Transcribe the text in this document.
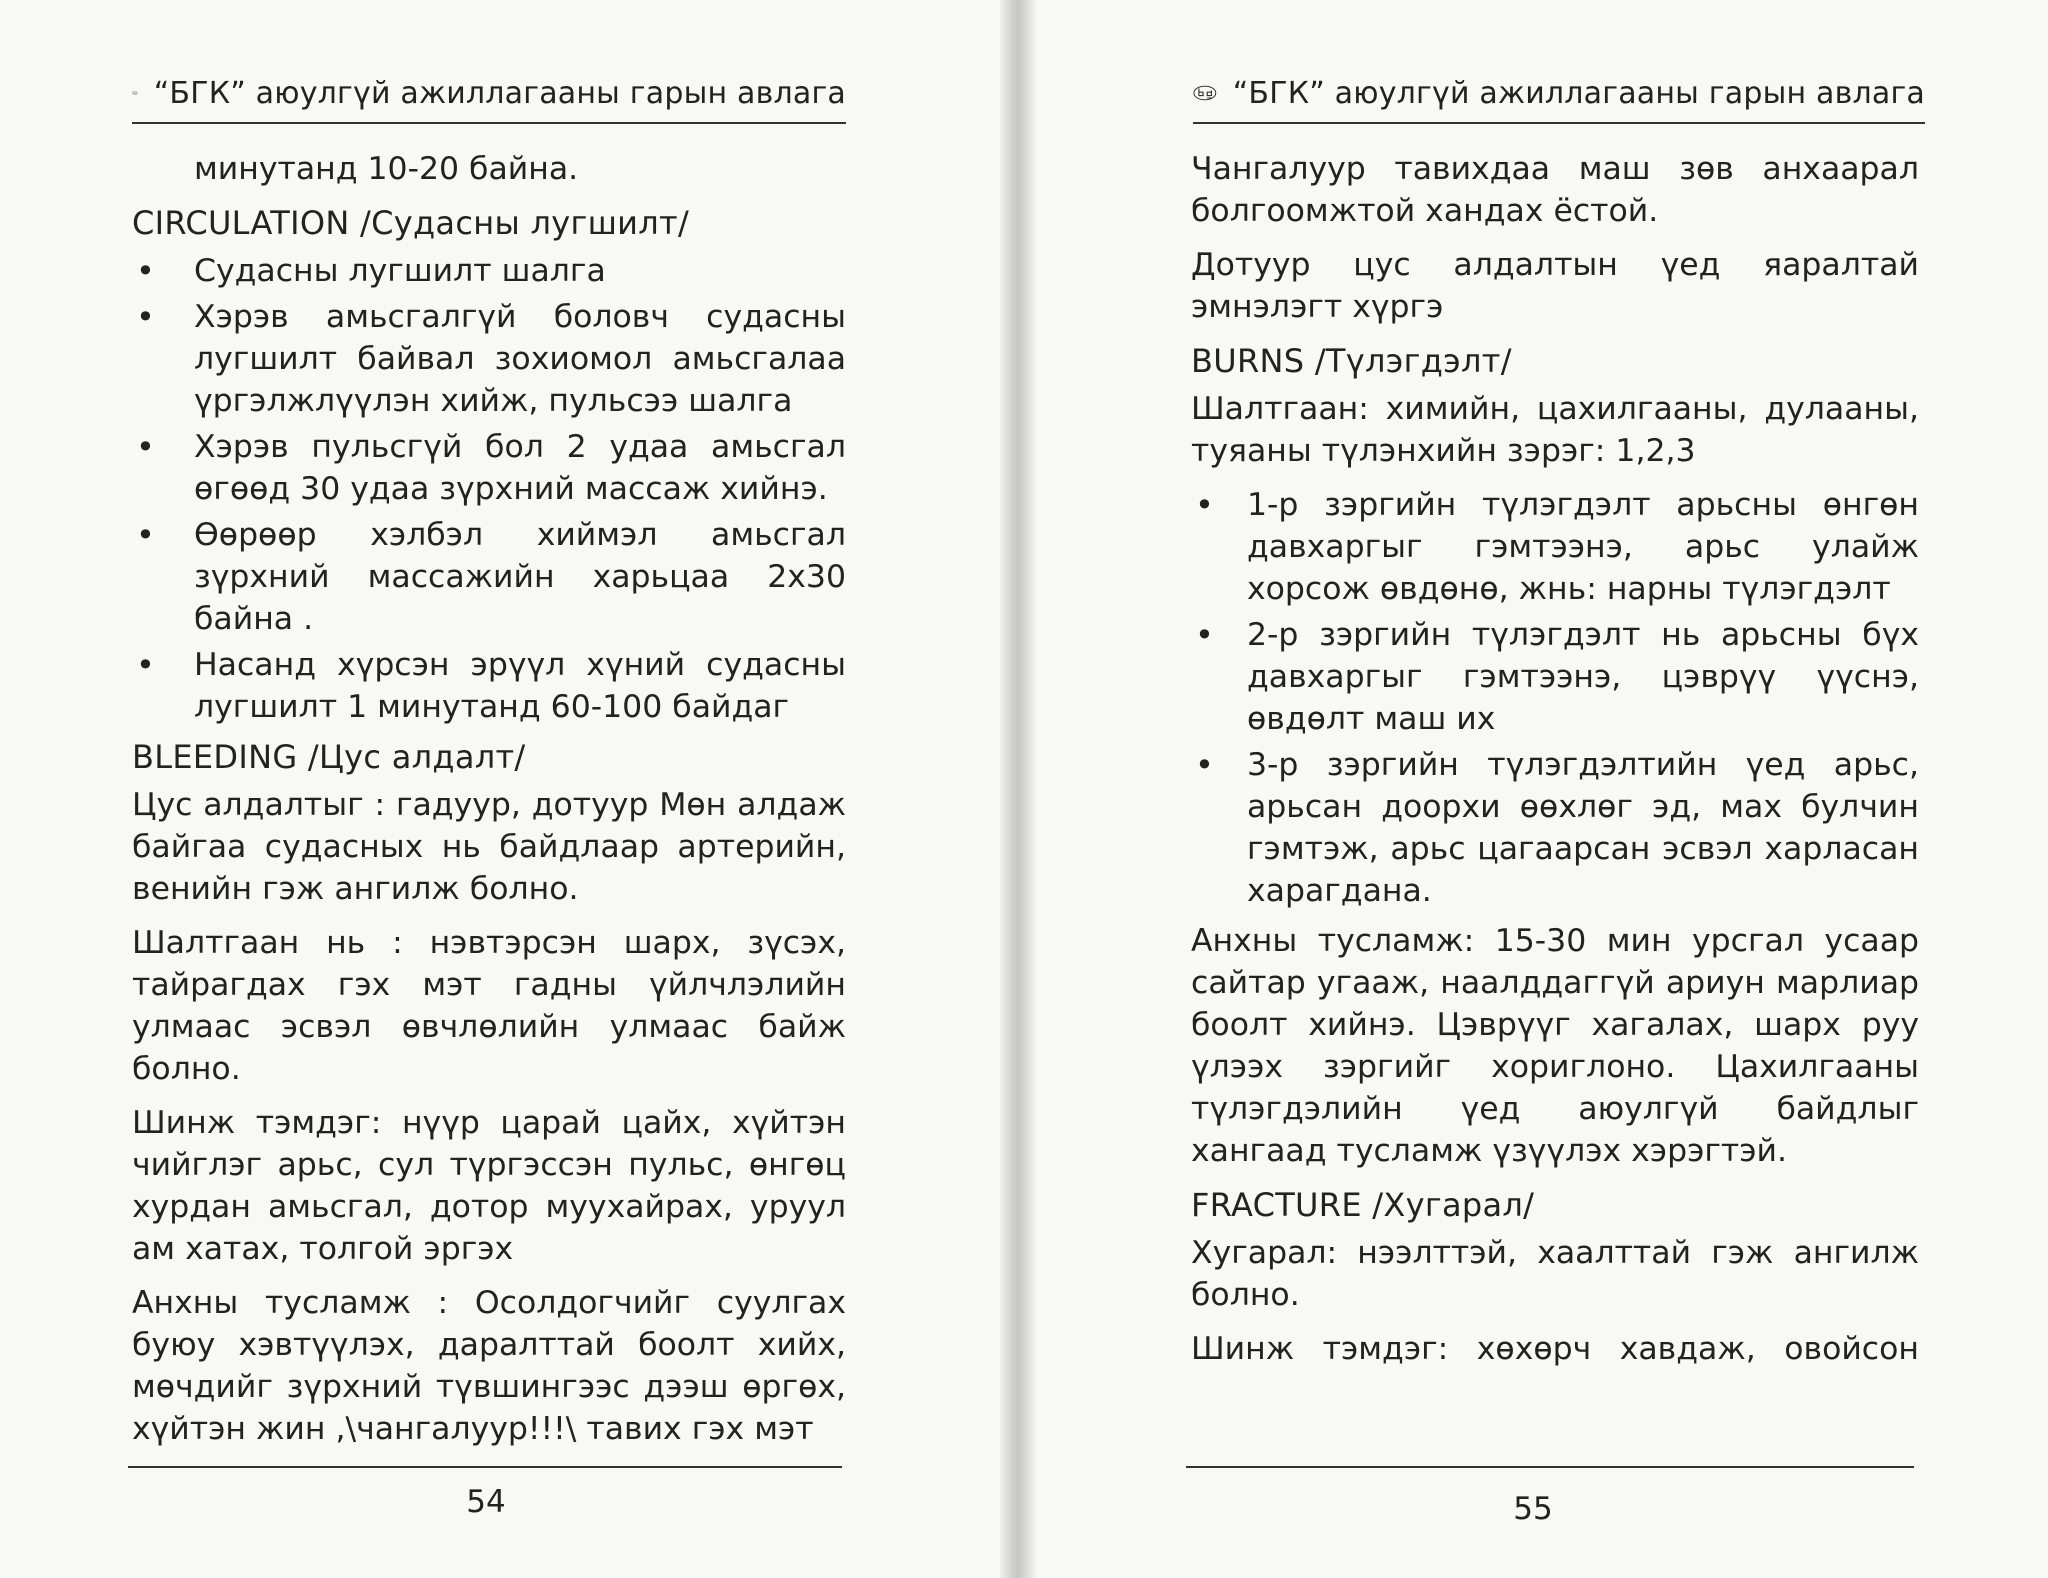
“БГК” аюулгүй ажиллагааны гарын авлага

минутанд 10-20 байна.

CIRCULATION /Судасны лугшилт/
• Судасны лугшилт шалга
• Хэрэв амьсгалгүй боловч судасны лугшилт байвал зохиомол амьсгалаа үргэлжлүүлэн хийж, пульсээ шалга
• Хэрэв пульсгүй бол 2 удаа амьсгал өгөөд 30 удаа зүрхний массаж хийнэ.
• Өөрөөр хэлбэл хиймэл амьсгал зүрхний массажийн харьцаа 2x30 байна .
• Насанд хүрсэн эрүүл хүний судасны лугшилт 1 минутанд 60-100 байдаг
BLEEDING /Цус алдалт/

Цус алдалтыг : гадуур, дотуур Мөн алдаж байгаа судасных нь байдлаар артерийн, венийн гэж ангилж болно.

Шалтгаан нь : нэвтэрсэн шарх, зүсэх, тайрагдах гэх мэт гадны үйлчлэлийн улмаас эсвэл өвчлөлийн улмаас байж болно.

Шинж тэмдэг: нүүр царай цайх, хүйтэн чийглэг арьс, сул түргэссэн пульс, өнгөц хурдан амьсгал, дотор муухайрах, уруул ам хатах, толгой эргэх

Анхны тусламж : Осолдогчийг суулгах буюу хэвтүүлэх, даралттай боолт хийх, мөчдийг зүрхний түвшингээс дээш өргөх, хүйтэн жин ,\чангалуур!!!\ тавих гэх мэт

54
“БГК” аюулгүй ажиллагааны гарын авлага

Чангалуур тавихдаа маш зөв анхаарал болгоомжтой хандах ёстой.

Дотуур цус алдалтын үед яаралтай эмнэлэгт хүргэ

BURNS /Түлэгдэлт/

Шалтгаан: химийн, цахилгааны, дулааны, туяаны түлэнхийн зэрэг: 1,2,3

• 1-р зэргийн түлэгдэлт арьсны өнгөн давхаргыг гэмтээнэ, арьс улайж хорсож өвдөнө, жнь: нарны түлэгдэлт
• 2-р зэргийн түлэгдэлт нь арьсны бүх давхаргыг гэмтээнэ, цэврүү үүснэ, өвдөлт маш их
• 3-р зэргийн түлэгдэлтийн үед арьс, арьсан доорхи өөхлөг эд, мах булчин гэмтэж, арьс цагаарсан эсвэл харласан харагдана.

Анхны тусламж: 15-30 мин урсгал усаар сайтар угааж, наалддаггүй ариун марлиар боолт хийнэ. Цэврүүг хагалах, шарх руу үлээх зэргийг хориглоно. Цахилгааны түлэгдэлийн үед аюулгүй байдлыг хангаад тусламж үзүүлэх хэрэгтэй.

FRACTURE /Хугарал/

Хугарал: нээлттэй, хаалттай гэж ангилж болно.

Шинж тэмдэг: хөхөрч хавдаж, овойсон

55
